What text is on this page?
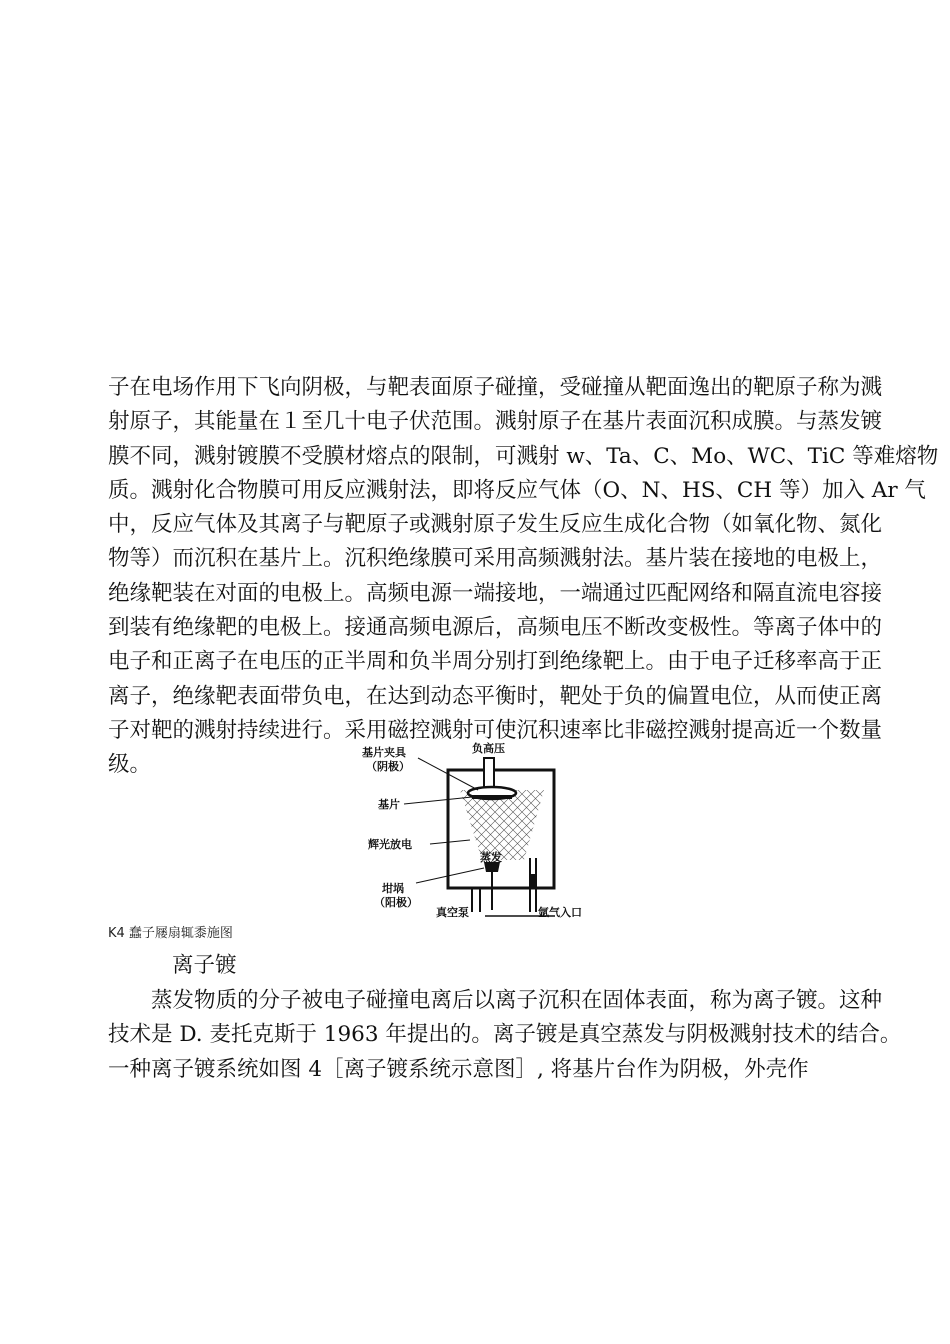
子在电场作用下飞向阴极，与靶表面原子碰撞，受碰撞从靶面逸出的靶原子称为溅
射原子，其能量在１至几十电子伏范围。溅射原子在基片表面沉积成膜。与蒸发镀
膜不同，溅射镀膜不受膜材熔点的限制，可溅射 w、Ta、C、Mo、WC、TiC 等难熔物
质。溅射化合物膜可用反应溅射法，即将反应气体（O、N、HS、CH 等）加入 Ar 气
中，反应气体及其离子与靶原子或溅射原子发生反应生成化合物（如氧化物、氮化
物等）而沉积在基片上。沉积绝缘膜可采用高频溅射法。基片装在接地的电极上，
绝缘靶装在对面的电极上。高频电源一端接地，一端通过匹配网络和隔直流电容接
到装有绝缘靶的电极上。接通高频电源后，高频电压不断改变极性。等离子体中的
电子和正离子在电压的正半周和负半周分别打到绝缘靶上。由于电子迁移率高于正
离子，绝缘靶表面带负电，在达到动态平衡时，靶处于负的偏置电位，从而使正离
子对靶的溅射持续进行。采用磁控溅射可使沉积速率比非磁控溅射提高近一个数量
级。	基片夹具
（阴极）
基片
辉光放电
坩埚
（阳极）
负高压
蒸发
真空泵	氩气入口
K4 蠢子屦扇辄黍施图
离子镀
　　蒸发物质的分子被电子碰撞电离后以离子沉积在固体表面，称为离子镀。这种
技术是 D. 麦托克斯于 1963 年提出的。离子镀是真空蒸发与阴极溅射技术的结合。
一种离子镀系统如图 4［离子镀系统示意图］, 将基片台作为阴极，外壳作
